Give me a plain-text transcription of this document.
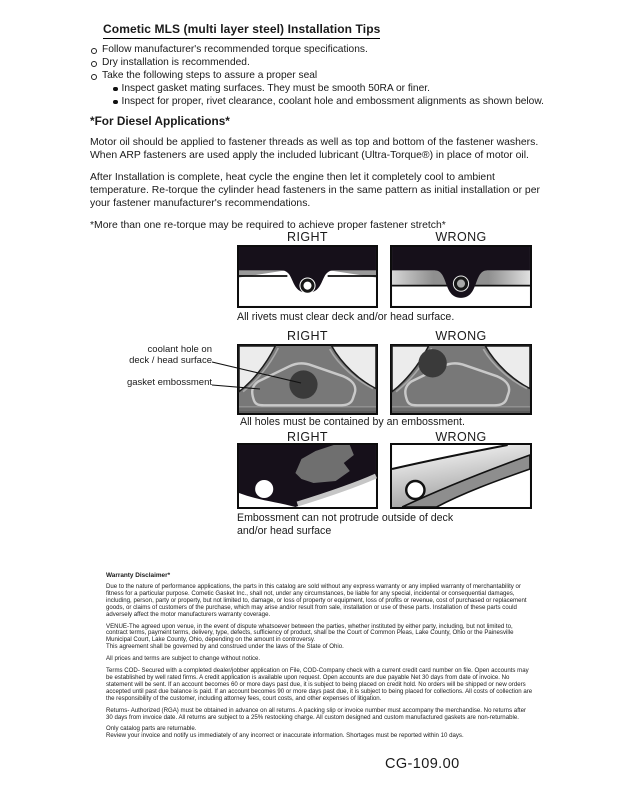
Cometic MLS (multi layer steel) Installation Tips
Follow manufacturer's recommended torque specifications.
Dry installation is recommended.
Take the following steps to assure a proper seal
Inspect gasket mating surfaces. They must be smooth 50RA or finer.
Inspect for proper, rivet clearance, coolant hole and embossment alignments as shown below.
*For Diesel Applications*

Motor oil should be applied to fastener threads as well as top and bottom of the fastener washers. When ARP fasteners are used apply the included lubricant (Ultra-Torque®) in place of motor oil.

After Installation is complete, heat cycle the engine then let it completely cool to ambient temperature. Re-torque the cylinder head fasteners in the same pattern as initial installation or per your fastener manufacturer's recommendations.

*More than one re-torque may be required to achieve proper fastener stretch*

RIGHT	WRONG
All rivets must clear deck and/or head surface.
RIGHT	WRONG
coolant hole on
deck / head surface
gasket embossment
All holes must be contained by an embossment.
RIGHT	WRONG
Embossment can not protrude outside of deck
and/or head surface
Warranty Disclaimer*

Due to the nature of performance applications, the parts in this catalog are sold without any express warranty or any implied warranty of merchantability or fitness for a particular purpose. Cometic Gasket Inc., shall not, under any circumstances, be liable for any special, incidental or consequential damages, including, person, party or property, but not limited to, damage, or loss of property or equipment, loss of profits or revenue, cost of purchased or replacement goods, or claims of customers of the purchase, which may arise and/or result from sale, installation or use of these parts. Installation of these parts could adversely affect the motor manufacturers warranty coverage.

VENUE-The agreed upon venue, in the event of dispute whatsoever between the parties, whether instituted by either party, including, but not limited to, contract terms, payment terms, delivery, type, defects, sufficiency of product, shall be the Court of Common Pleas, Lake County, Ohio or the Painesville Municipal Court, Lake County, Ohio, depending on the amount in controversy.

This agreement shall be governed by and construed under the laws of the State of Ohio.

All prices and terms are subject to change without notice.

Terms COD- Secured with a completed dealer/jobber application on File, COD-Company check with a current credit card number on file. Open accounts may be established by well rated firms. A credit application is available upon request. Open accounts are due payable Net 30 days from date of invoice. No statement will be sent. If an account becomes 60 or more days past due, it is subject to being placed on credit hold. No orders will be shipped or new orders accepted until past due balance is paid. If an account becomes 90 or more days past due, it is subject to being placed for collections. All costs of collection are the responsibility of the customer, including attorney fees, court costs, and other expenses of litigation.

Returns- Authorized (RGA) must be obtained in advance on all returns. A packing slip or invoice number must accompany the merchandise. No returns after 30 days from invoice date. All returns are subject to a 25% restocking charge. All custom designed and custom manufactured gaskets are non-returnable.

Only catalog parts are returnable.

Review your invoice and notify us immediately of any incorrect or inaccurate information. Shortages must be reported within 10 days.

CG-109.00
